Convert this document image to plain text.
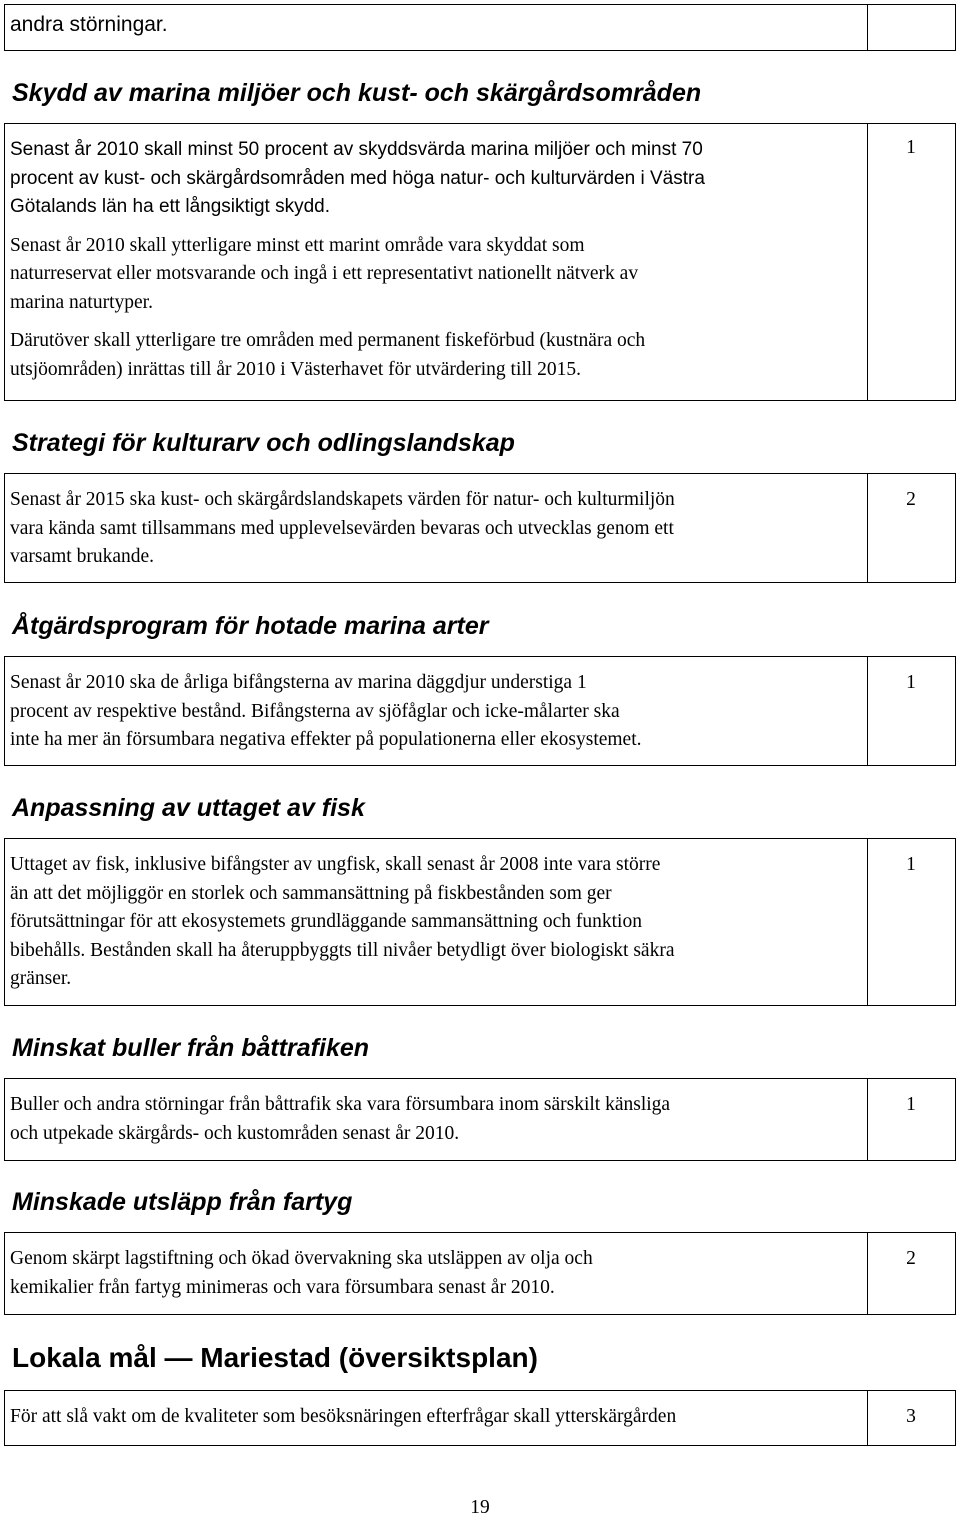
andra störningar.

Skydd av marina miljöer och kust- och skärgårdsområden

Senast år 2010 skall minst 50 procent av skyddsvärda marina miljöer och minst 70
procent av kust- och skärgårdsområden med höga natur- och kulturvärden i Västra
Götalands län ha ett långsiktigt skydd.

Senast år 2010 skall ytterligare minst ett marint område vara skyddat som
naturreservat eller motsvarande och ingå i ett representativt nationellt nätverk av
marina naturtyper.

Därutöver skall ytterligare tre områden med permanent fiskeförbud (kustnära och
utsjöområden) inrättas till år 2010 i Västerhavet för utvärdering till 2015.

1
Strategi för kulturarv och odlingslandskap

Senast år 2015 ska kust- och skärgårdslandskapets värden för natur- och kulturmiljön
vara kända samt tillsammans med upplevelsevärden bevaras och utvecklas genom ett
varsamt brukande.

2
Åtgärdsprogram för hotade marina arter

Senast år 2010 ska de årliga bifångsterna av marina däggdjur understiga 1
procent av respektive bestånd. Bifångsterna av sjöfåglar och icke-målarter ska
inte ha mer än försumbara negativa effekter på populationerna eller ekosystemet.

1
Anpassning av uttaget av fisk

Uttaget av fisk, inklusive bifångster av ungfisk, skall senast år 2008 inte vara större
än att det möjliggör en storlek och sammansättning på fiskbestånden som ger
förutsättningar för att ekosystemets grundläggande sammansättning och funktion
bibehålls. Bestånden skall ha återuppbyggts till nivåer betydligt över biologiskt säkra
gränser.

1
Minskat buller från båttrafiken

Buller och andra störningar från båttrafik ska vara försumbara inom särskilt känsliga
och utpekade skärgårds- och kustområden senast år 2010.

1
Minskade utsläpp från fartyg

Genom skärpt lagstiftning och ökad övervakning ska utsläppen av olja och
kemikalier från fartyg minimeras och vara försumbara senast år 2010.

2
Lokala mål — Mariestad (översiktsplan)

För att slå vakt om de kvaliteter som besöksnäringen efterfrågar skall ytterskärgården	3
19
